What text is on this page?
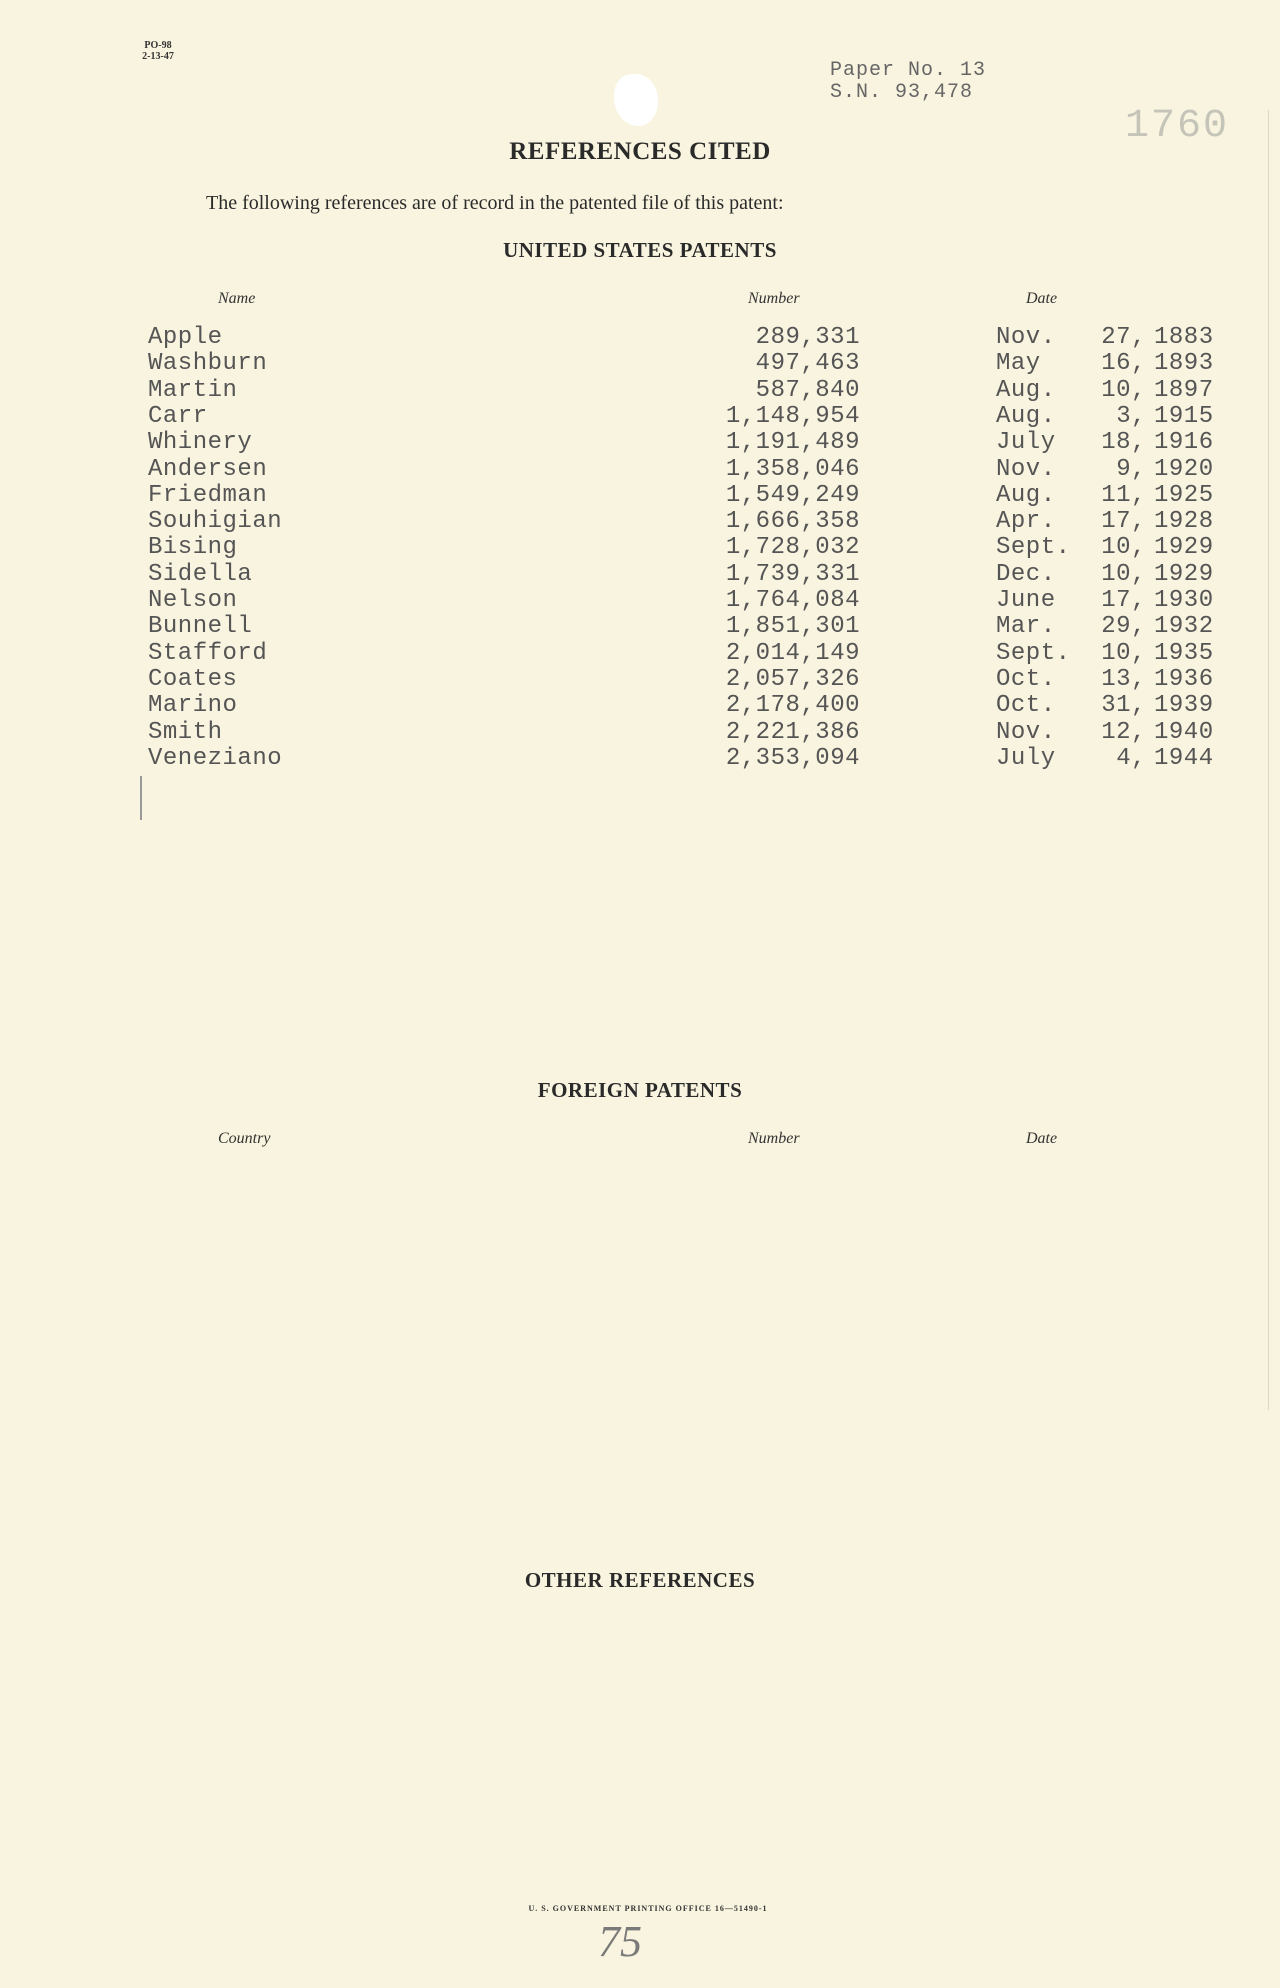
PO-98
2-13-47
Paper No. 13
S.N. 93,478
1760
REFERENCES CITED
The following references are of record in the patented file of this patent:
UNITED STATES PATENTS
Name	Number	Date
Apple	289,331	Nov.	27, 1883
Washburn	497,463	May	16, 1893
Martin	587,840	Aug.	10, 1897
Carr	1,148,954	Aug.	3, 1915
Whinery	1,191,489	July	18, 1916
Andersen	1,358,046	Nov.	9, 1920
Friedman	1,549,249	Aug.	11, 1925
Souhigian	1,666,358	Apr.	17, 1928
Bising	1,728,032	Sept.	10, 1929
Sidella	1,739,331	Dec.	10, 1929
Nelson	1,764,084	June	17, 1930
Bunnell	1,851,301	Mar.	29, 1932
Stafford	2,014,149	Sept.	10, 1935
Coates	2,057,326	Oct.	13, 1936
Marino	2,178,400	Oct.	31, 1939
Smith	2,221,386	Nov.	12, 1940
Veneziano	2,353,094	July	4, 1944
FOREIGN PATENTS
Country	Number	Date
OTHER REFERENCES
U. S. GOVERNMENT PRINTING OFFICE 16—51490-1
75
